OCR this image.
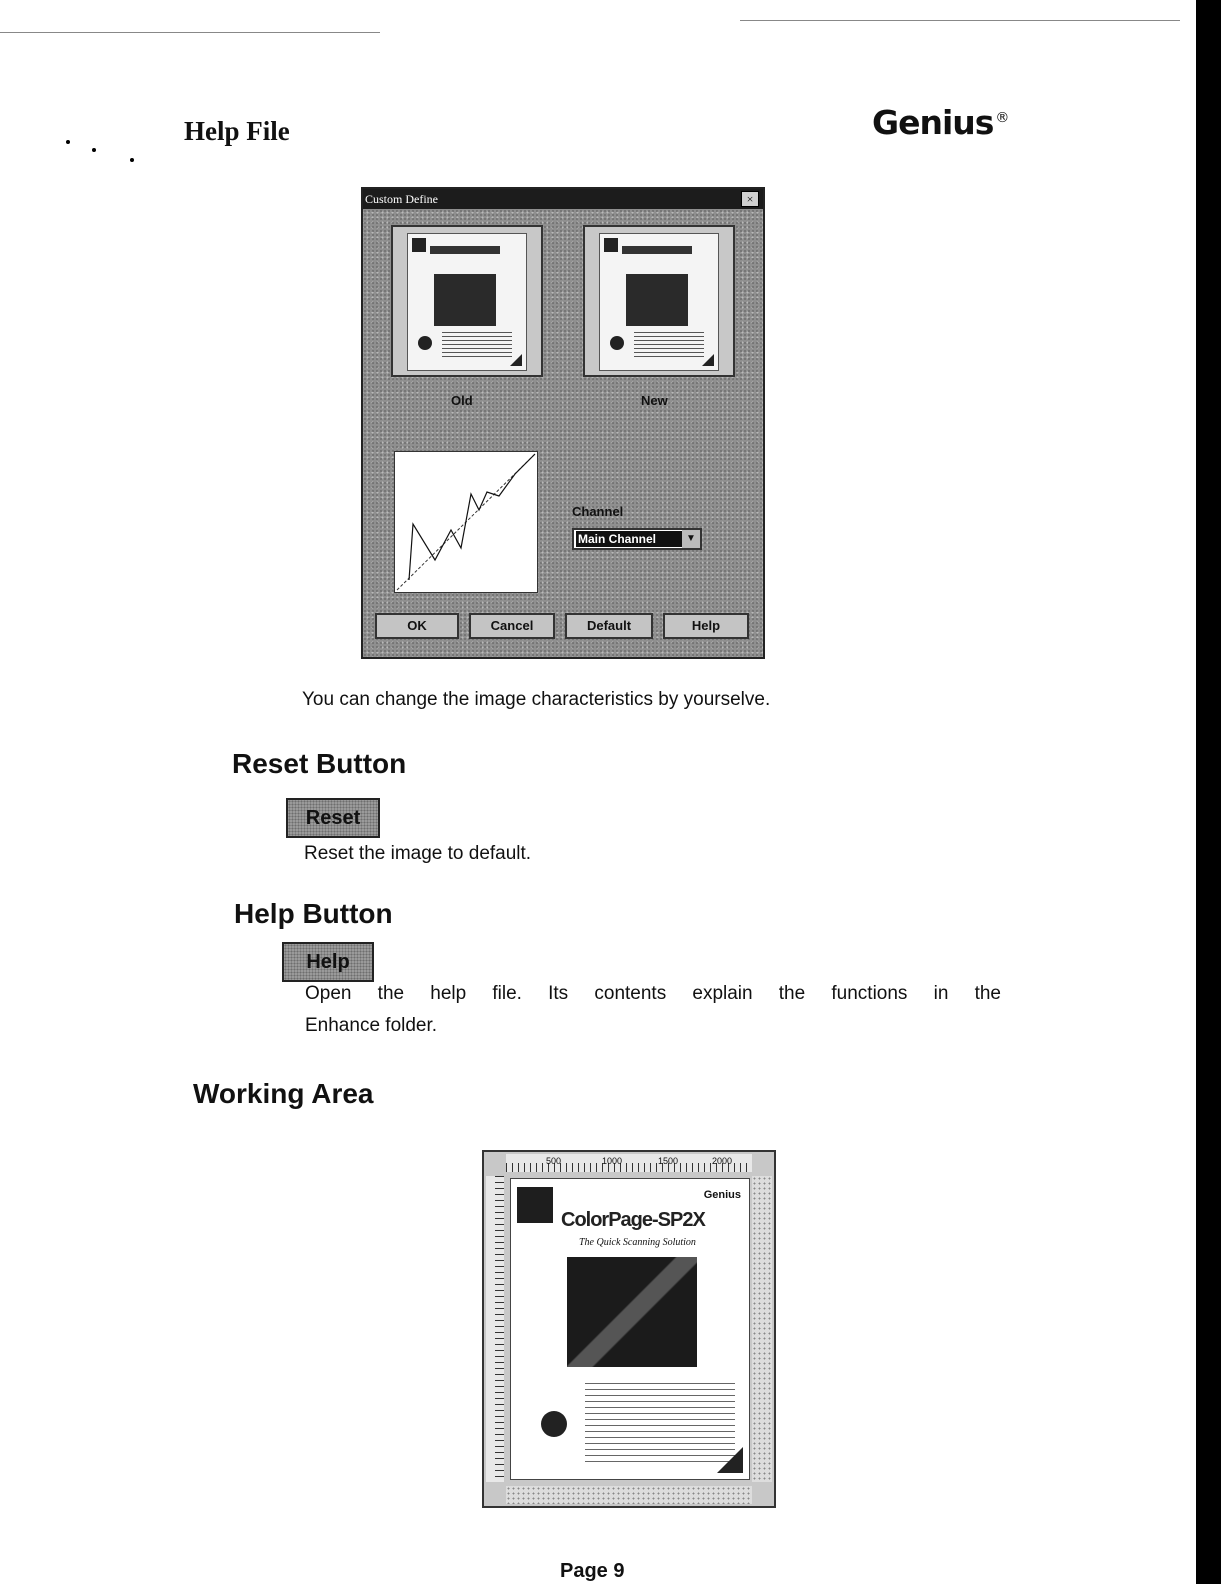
Help File	Genius ®
Custom Define	×
Old	New
Channel
Main Channel	▼
OK	Cancel	Default	Help
You can change the image characteristics by yourselve.
Reset Button
Reset
Reset the image to default.
Help Button
Help
Open the help file. Its contents explain the functions in the
Enhance folder.
Working Area
500	1000	1500	2000
Genius
ColorPage-SP2X
The Quick Scanning Solution
Page 9
